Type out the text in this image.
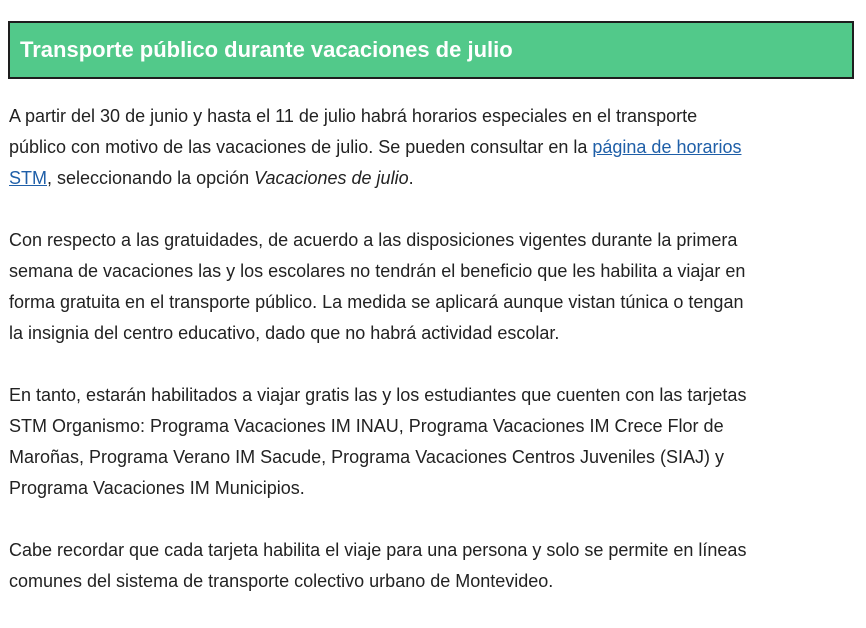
Transporte público durante vacaciones de julio

A partir del 30 de junio y hasta el 11 de julio habrá horarios especiales en el transporte
público con motivo de las vacaciones de julio. Se pueden consultar en la página de horarios
STM, seleccionando la opción Vacaciones de julio.

Con respecto a las gratuidades, de acuerdo a las disposiciones vigentes durante la primera
semana de vacaciones las y los escolares no tendrán el beneficio que les habilita a viajar en
forma gratuita en el transporte público. La medida se aplicará aunque vistan túnica o tengan
la insignia del centro educativo, dado que no habrá actividad escolar.

En tanto, estarán habilitados a viajar gratis las y los estudiantes que cuenten con las tarjetas
STM Organismo: Programa Vacaciones IM INAU, Programa Vacaciones IM Crece Flor de
Maroñas, Programa Verano IM Sacude, Programa Vacaciones Centros Juveniles (SIAJ) y
Programa Vacaciones IM Municipios.

Cabe recordar que cada tarjeta habilita el viaje para una persona y solo se permite en líneas
comunes del sistema de transporte colectivo urbano de Montevideo.
